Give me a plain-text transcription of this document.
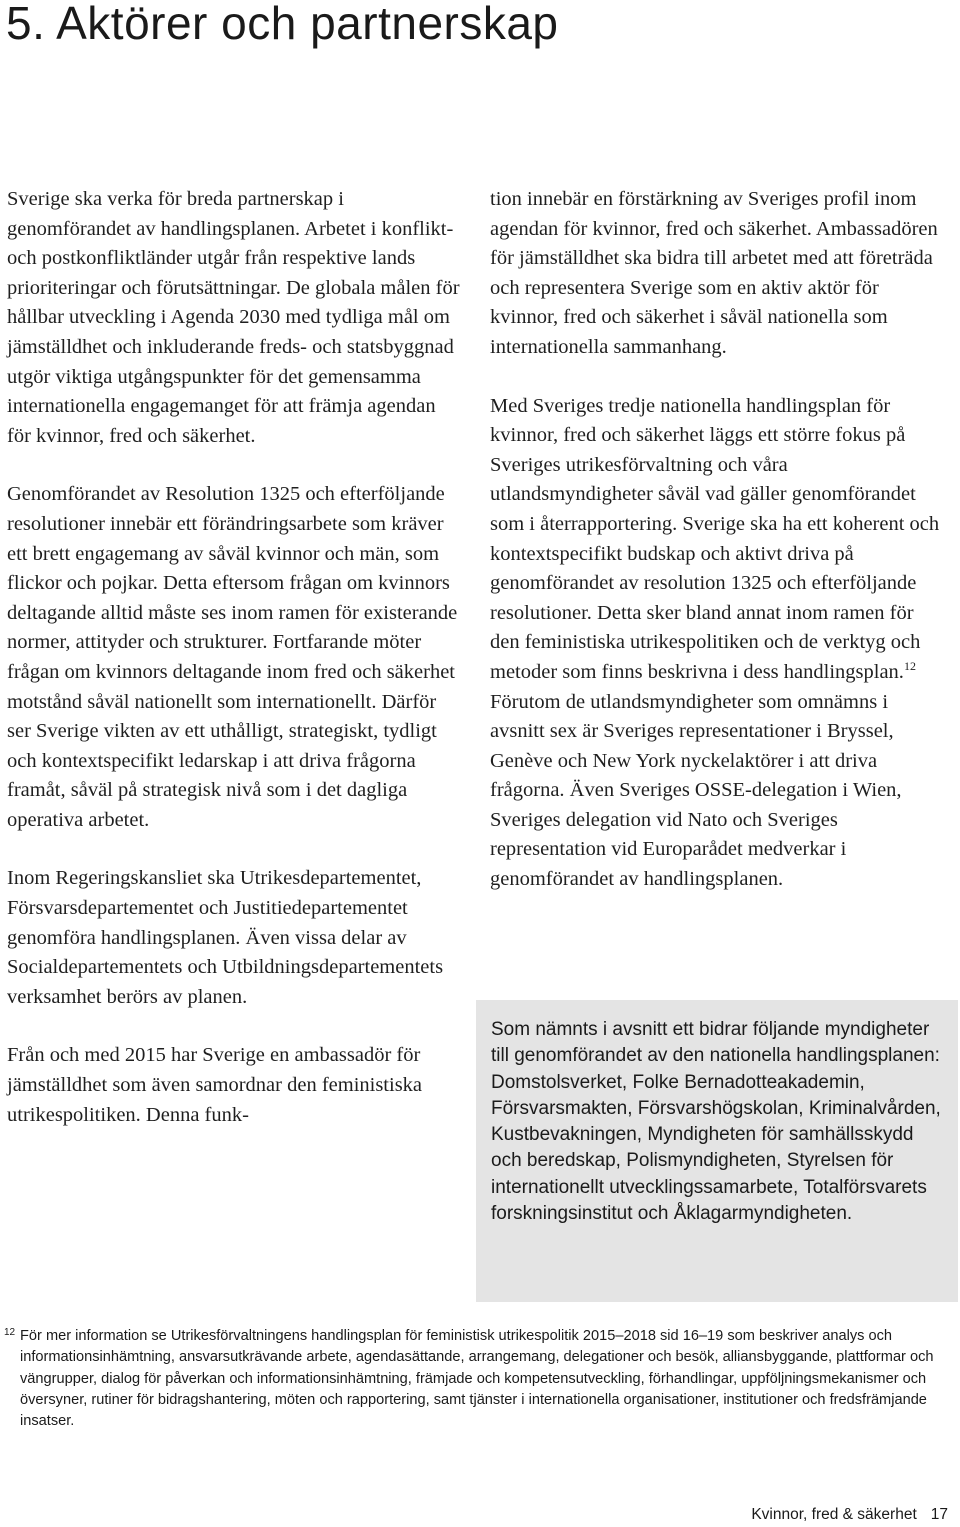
5. Aktörer och partnerskap

Sverige ska verka för breda partnerskap i genomförandet av handlingsplanen. Arbetet i konflikt- och postkonfliktländer utgår från respektive lands prioriteringar och förutsättningar. De globala målen för hållbar utveckling i Agenda 2030 med tydliga mål om jämställdhet och inkluderande freds- och statsbyggnad utgör viktiga utgångspunkter för det gemensamma internationella engagemanget för att främja agendan för kvinnor, fred och säkerhet.

Genomförandet av Resolution 1325 och efterföljande resolutioner innebär ett förändringsarbete som kräver ett brett engagemang av såväl kvinnor och män, som flickor och pojkar. Detta eftersom frågan om kvinnors deltagande alltid måste ses inom ramen för existerande normer, attityder och strukturer. Fortfarande möter frågan om kvinnors deltagande inom fred och säkerhet motstånd såväl nationellt som internationellt. Därför ser Sverige vikten av ett uthålligt, strategiskt, tydligt och kontextspecifikt ledarskap i att driva frågorna framåt, såväl på strategisk nivå som i det dagliga operativa arbetet.

Inom Regeringskansliet ska Utrikesdepartementet, Försvarsdepartementet och Justitiedepartementet genomföra handlingsplanen. Även vissa delar av Socialdepartementets och Utbildningsdepartementets verksamhet berörs av planen.

Från och med 2015 har Sverige en ambassadör för jämställdhet som även samordnar den feministiska utrikespolitiken. Denna funk-

tion innebär en förstärkning av Sveriges profil inom agendan för kvinnor, fred och säkerhet. Ambassadören för jämställdhet ska bidra till arbetet med att företräda och representera Sverige som en aktiv aktör för kvinnor, fred och säkerhet i såväl nationella som internationella sammanhang.

Med Sveriges tredje nationella handlingsplan för kvinnor, fred och säkerhet läggs ett större fokus på Sveriges utrikesförvaltning och våra utlandsmyndigheter såväl vad gäller genomförandet som i återrapportering. Sverige ska ha ett koherent och kontextspecifikt budskap och aktivt driva på genomförandet av resolution 1325 och efterföljande resolutioner. Detta sker bland annat inom ramen för den feministiska utrikespolitiken och de verktyg och metoder som finns beskrivna i dess handlingsplan.$^{12}$ Förutom de utlandsmyndigheter som omnämns i avsnitt sex är Sveriges representationer i Bryssel, Genève och New York nyckelaktörer i att driva frågorna. Även Sveriges OSSE-delegation i Wien, Sveriges delegation vid Nato och Sveriges representation vid Europarådet medverkar i genomförandet av handlingsplanen.

Som nämnts i avsnitt ett bidrar följande myndigheter till genomförandet av den nationella handlingsplanen: Domstolsverket, Folke Bernadotteakademin, Försvarsmakten, Försvarshögskolan, Kriminalvården, Kustbevakningen, Myndigheten för samhällsskydd och beredskap, Polismyndigheten, Styrelsen för internationellt utvecklingssamarbete, Totalförsvarets forskningsinstitut och Åklagarmyndigheten.

12 För mer information se Utrikesförvaltningens handlingsplan för feministisk utrikespolitik 2015–2018 sid 16–19 som beskriver analys och informationsinhämtning, ansvarsutkrävande arbete, agendasättande, arrangemang, delegationer och besök, alliansbyggande, plattformar och vängrupper, dialog för påverkan och informationsinhämtning, främjade och kompetensutveckling, förhandlingar, uppföljningsmekanismer och översyner, rutiner för bidragshantering, möten och rapportering, samt tjänster i internationella organisationer, institutioner och fredsfrämjande insatser.
Kvinnor, fred & säkerhet 17
